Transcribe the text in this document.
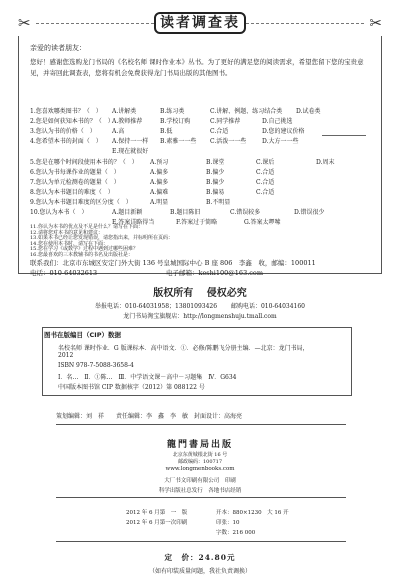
✂	✂
读者调查表
亲爱的读者朋友：
您好！感谢您选购龙门书局的《名校名师 课时作业本》丛书。为了更好的满足您的阅读需求，希望您留下您的宝贵意见，并寄回此调查表，您将有机会免费获得龙门书局出版的其他图书。
1.您喜欢哪类图书？（　） A.讲解类	B.练习类	C.讲解、例题、练习结合类 D.试卷类
2.您是如何获知本书的？（　）
A.教师推荐	B.学校订购	C.同学推荐	D.自己挑选
3.您认为书的价格（　）	A.高	B.低	C.合适	D.您的建议价格
4.您希望本书的封面（　） A.保持一一样 B.素雅一一些 C.活泼一一些	D.大方一一些
E.现在就很好
5.您是在哪个时间段使用本书的？（　） A.预习	B.课堂	C.课后	D.周末
6.您认为书每课作业的题量（　）	A.偏多	B.偏少	C.合适
7.您认为单元检测卷的题量（　）	A.偏多	B.偏少	C.合适
8.您认为本书题目的难度（　）	A.偏难	B.偏易	C.合适
9.您认为本书题目难度的区分度（　）	A.明显	B.不明显
10.您认为本书（　）	A.题目新颖	B.题目陈旧	C.错误较多	D.错误很少
E.答案详略得当	F.答案过于简略	G.答案太啰嗦
11.你认为本书的优点及不足是什么？请写在下面：
12.请将您对本书的意见和建议：
13.如果本书已经让您发现错误，请您指出来，并标明所在页码：
14.您在使用本书时，请写在下面：
15.您在学习《或数学》过程中遇到过哪些困难？
16.您最喜欢的三本教辅书的书名及出版社是：
联系我们：北京市东城区安定门外大街 136 号皇城国际中心 B 座 806　李鑫　收，邮编：100011
电话：010-64032613	电子邮箱：keshi100@163.com
版权所有 侵权必究
举报电话：010-64031958；13801093426 邮购电话：010-64034160
龙门书局淘宝旗舰店：http://longmenshuju.tmall.com
图书在版编目（CIP）数据
名校名师 课时作业．G 版课标本．高中语文．①．必修/陈鹏飞分册主编．—北京：龙门书局，
2012
ISBN 978-7-5088-3658-4
Ⅰ．名…　Ⅱ．①陈…　Ⅲ．中学语文课－高中－习题集　Ⅳ．G634
中国版本图书馆 CIP 数据核字（2012）第 088122 号
策划编辑：刘　祥　　责任编辑：李　鑫　李　敏　封面设计：高海亮
龍門書局出版
北京东黄城根北街 16 号
邮政编码：100717
www.longmenbooks.com
大厂书文印刷有限公司　印刷
科学出版社总发行　各地书店经销
2012 年 6 月第　一　版	开本：880×1230　大 16 开
2012 年 6 月第一次印刷	印张：10
字数：216 000
定　价：24.80元
（如有印装质量问题，我社负责调换）
